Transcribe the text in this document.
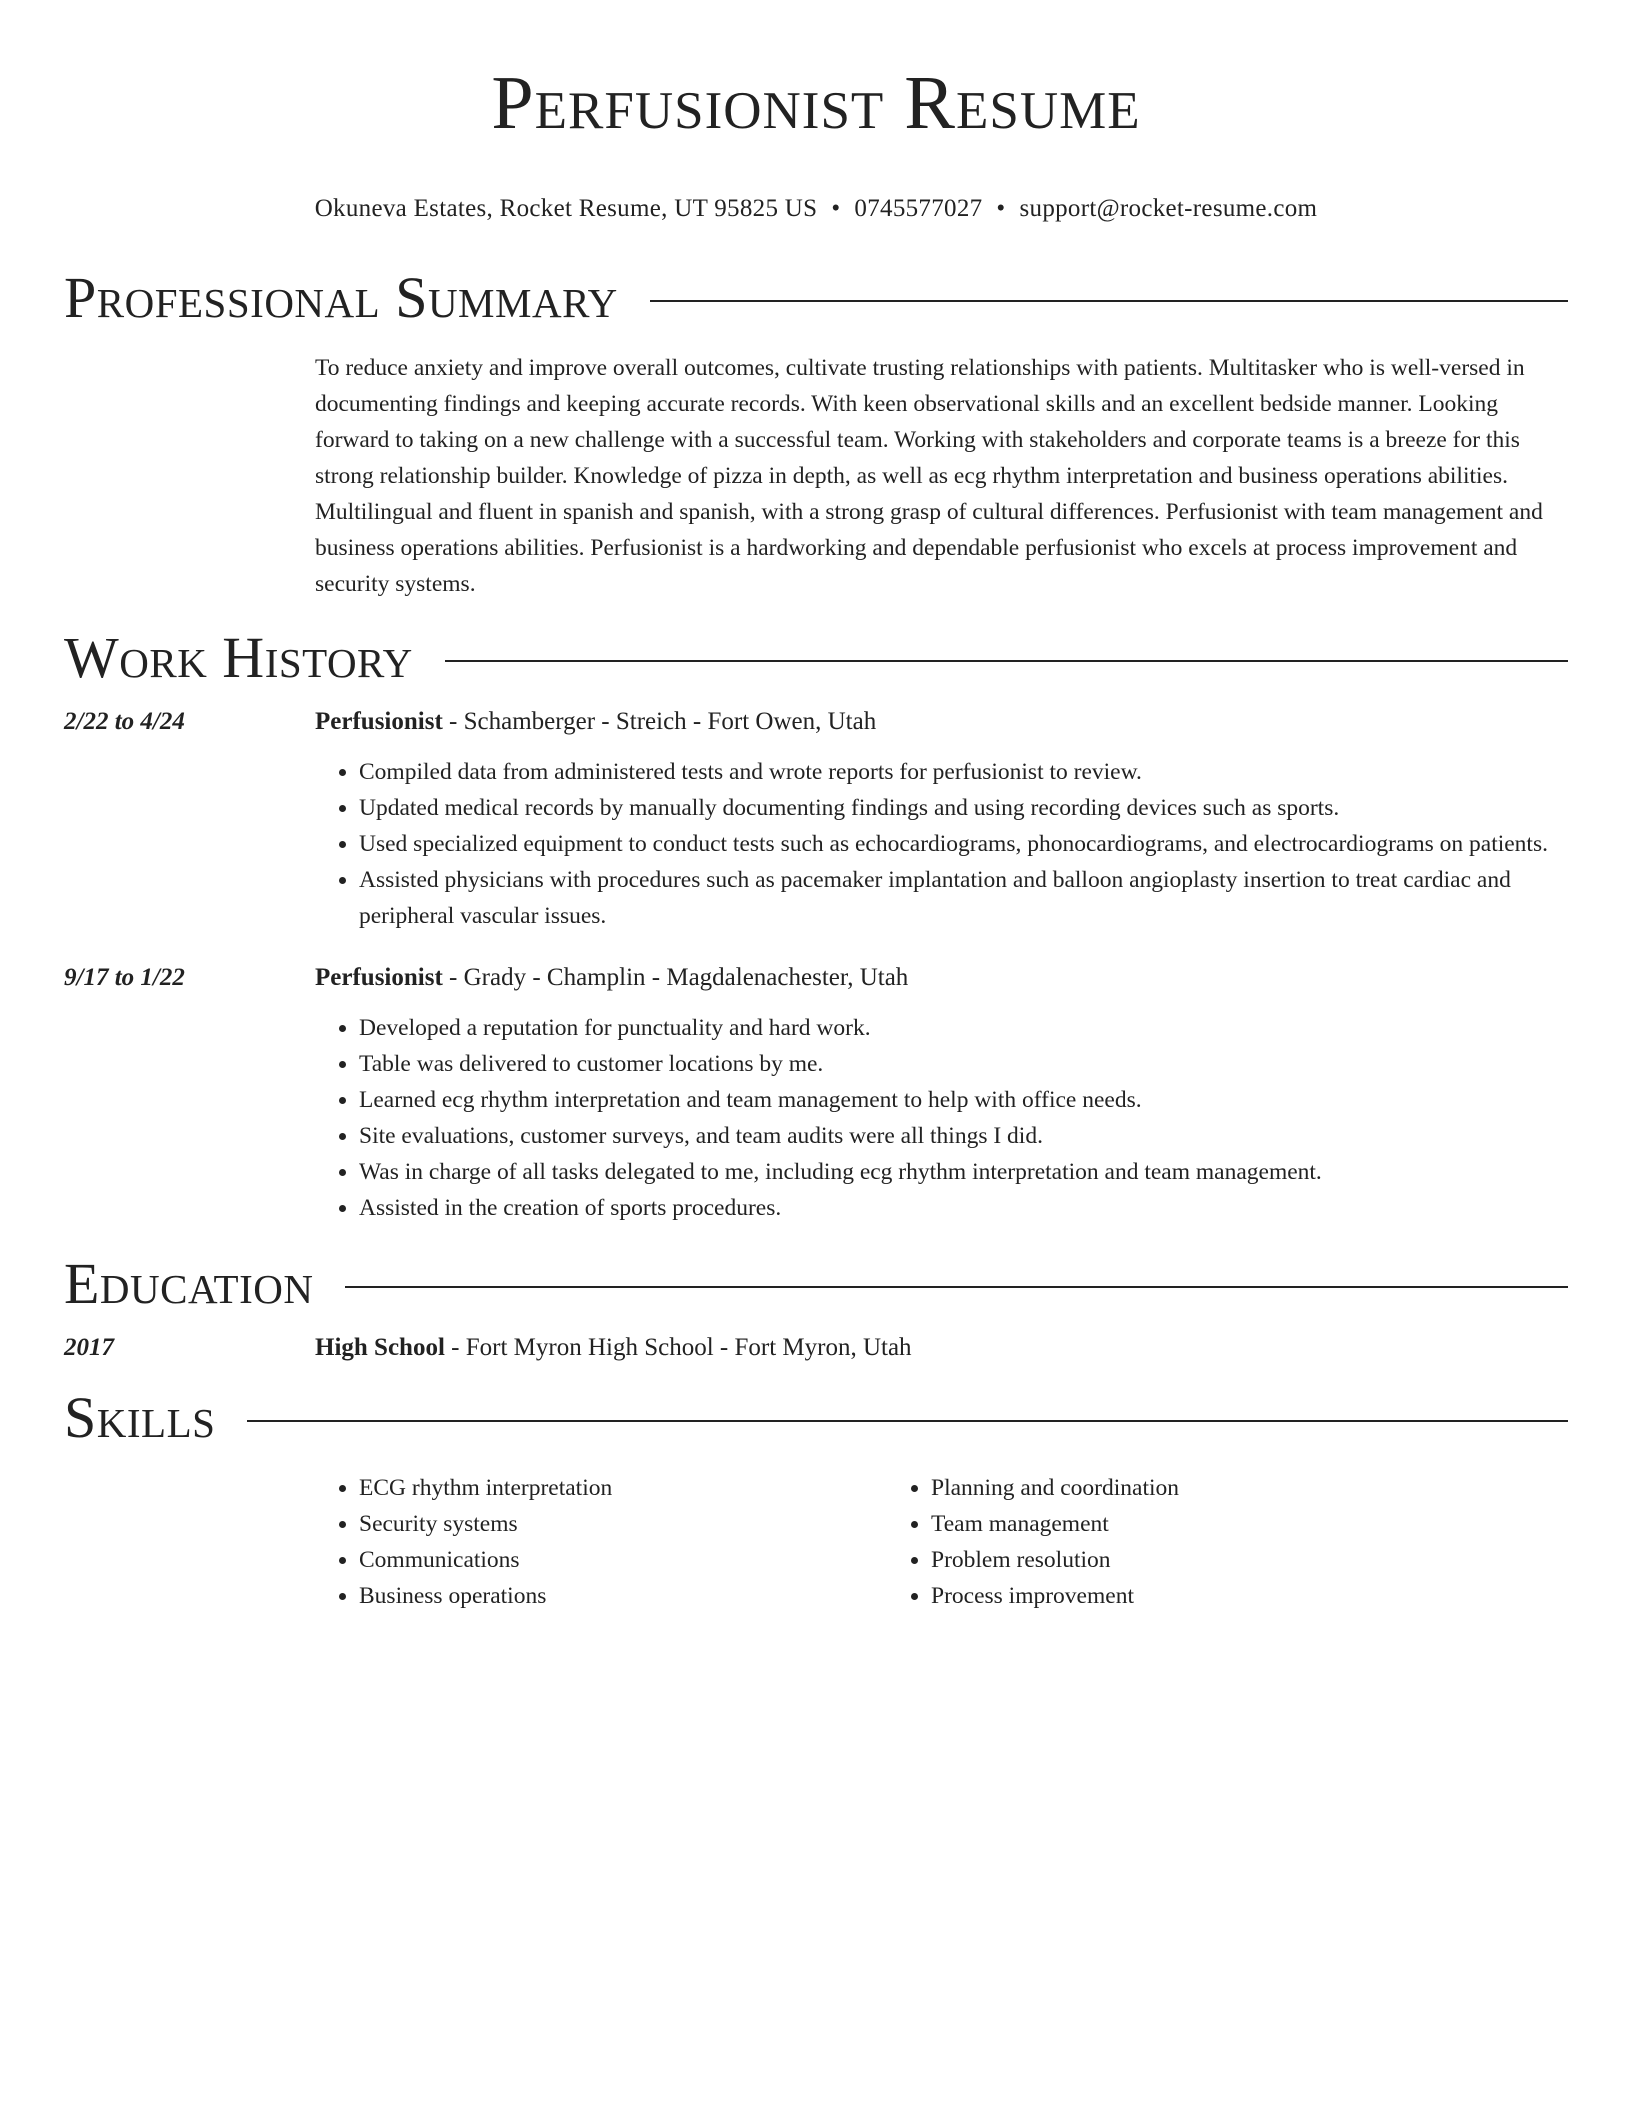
Perfusionist Resume
Okuneva Estates, Rocket Resume, UT 95825 US • 0745577027 • support@rocket-resume.com
Professional Summary
To reduce anxiety and improve overall outcomes, cultivate trusting relationships with patients. Multitasker who is well-versed in documenting findings and keeping accurate records. With keen observational skills and an excellent bedside manner. Looking forward to taking on a new challenge with a successful team. Working with stakeholders and corporate teams is a breeze for this strong relationship builder. Knowledge of pizza in depth, as well as ecg rhythm interpretation and business operations abilities. Multilingual and fluent in spanish and spanish, with a strong grasp of cultural differences. Perfusionist with team management and business operations abilities. Perfusionist is a hardworking and dependable perfusionist who excels at process improvement and security systems.
Work History
2/22 to 4/24	Perfusionist - Schamberger - Streich - Fort Owen, Utah
• Compiled data from administered tests and wrote reports for perfusionist to review.
• Updated medical records by manually documenting findings and using recording devices such as sports.
• Used specialized equipment to conduct tests such as echocardiograms, phonocardiograms, and electrocardiograms on patients.
• Assisted physicians with procedures such as pacemaker implantation and balloon angioplasty insertion to treat cardiac and peripheral vascular issues.
9/17 to 1/22	Perfusionist - Grady - Champlin - Magdalenachester, Utah
• Developed a reputation for punctuality and hard work.
• Table was delivered to customer locations by me.
• Learned ecg rhythm interpretation and team management to help with office needs.
• Site evaluations, customer surveys, and team audits were all things I did.
• Was in charge of all tasks delegated to me, including ecg rhythm interpretation and team management.
• Assisted in the creation of sports procedures.
Education
2017	High School - Fort Myron High School - Fort Myron, Utah
Skills
• ECG rhythm interpretation
• Security systems
• Communications
• Business operations
• Planning and coordination
• Team management
• Problem resolution
• Process improvement
